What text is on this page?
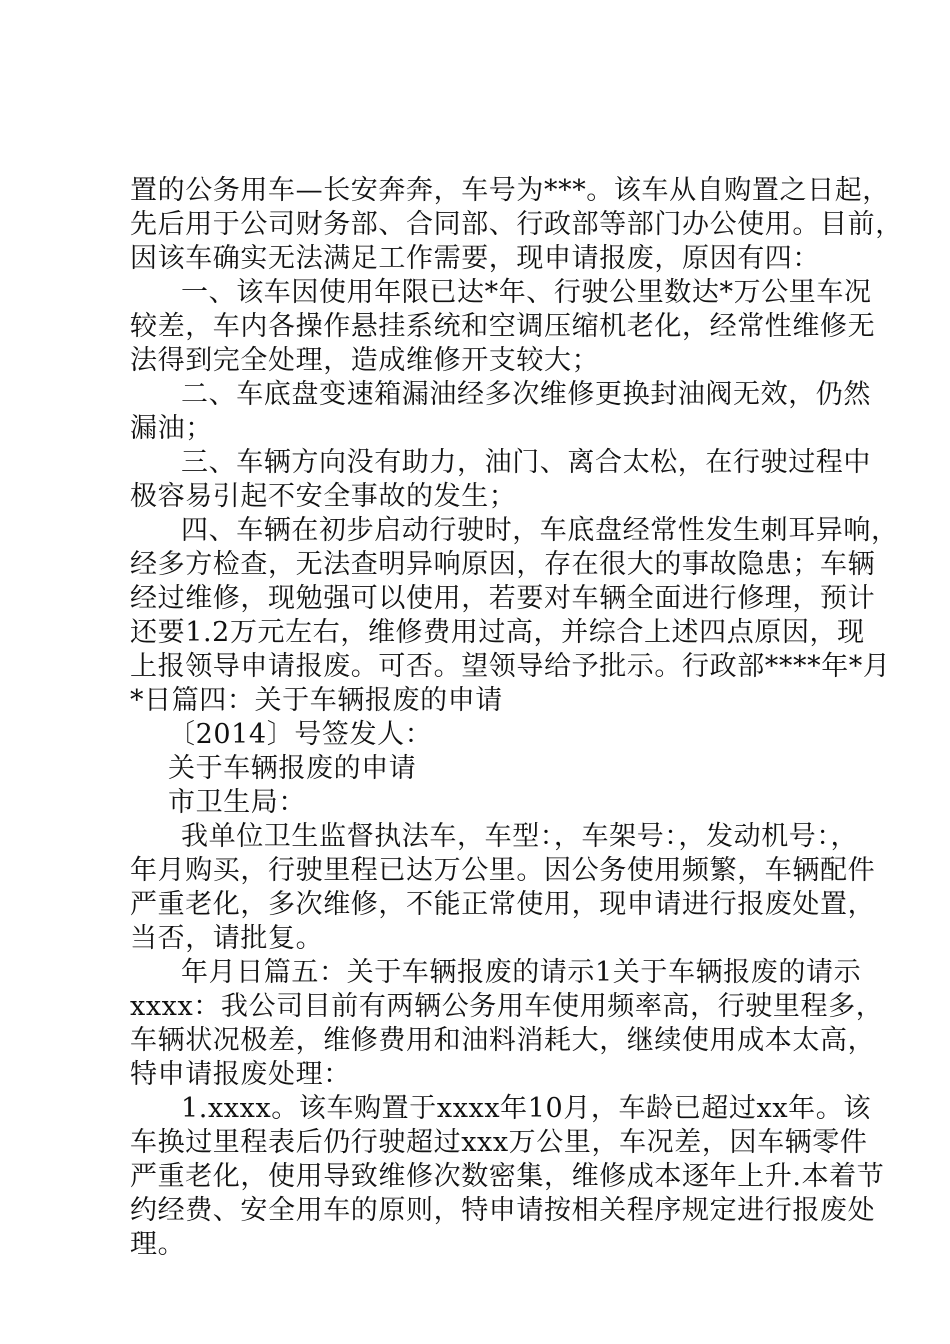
置的公务用车—长安奔奔，车号为***。该车从自购置之日起，
先后用于公司财务部、合同部、行政部等部门办公使用。目前，
因该车确实无法满足工作需要，现申请报废，原因有四：
一、该车因使用年限已达*年、行驶公里数达*万公里车况
较差，车内各操作悬挂系统和空调压缩机老化，经常性维修无
法得到完全处理，造成维修开支较大；
二、车底盘变速箱漏油经多次维修更换封油阀无效，仍然
漏油；
三、车辆方向没有助力，油门、离合太松，在行驶过程中
极容易引起不安全事故的发生；
四、车辆在初步启动行驶时，车底盘经常性发生刺耳异响，
经多方检查，无法查明异响原因，存在很大的事故隐患；车辆
经过维修，现勉强可以使用，若要对车辆全面进行修理，预计
还要1.2万元左右，维修费用过高，并综合上述四点原因，现
上报领导申请报废。可否。望领导给予批示。行政部****年*月
*日篇四：关于车辆报废的申请
〔2014〕号签发人：
关于车辆报废的申请
市卫生局：
我单位卫生监督执法车，车型：，车架号：，发动机号：，
年月购买，行驶里程已达万公里。因公务使用频繁，车辆配件
严重老化，多次维修，不能正常使用，现申请进行报废处置，
当否，请批复。
年月日篇五：关于车辆报废的请示1关于车辆报废的请示
xxxx：我公司目前有两辆公务用车使用频率高，行驶里程多，
车辆状况极差，维修费用和油料消耗大，继续使用成本太高，
特申请报废处理：
1.xxxx。该车购置于xxxx年10月，车龄已超过xx年。该
车换过里程表后仍行驶超过xxx万公里，车况差，因车辆零件
严重老化，使用导致维修次数密集，维修成本逐年上升.本着节
约经费、安全用车的原则，特申请按相关程序规定进行报废处
理。
